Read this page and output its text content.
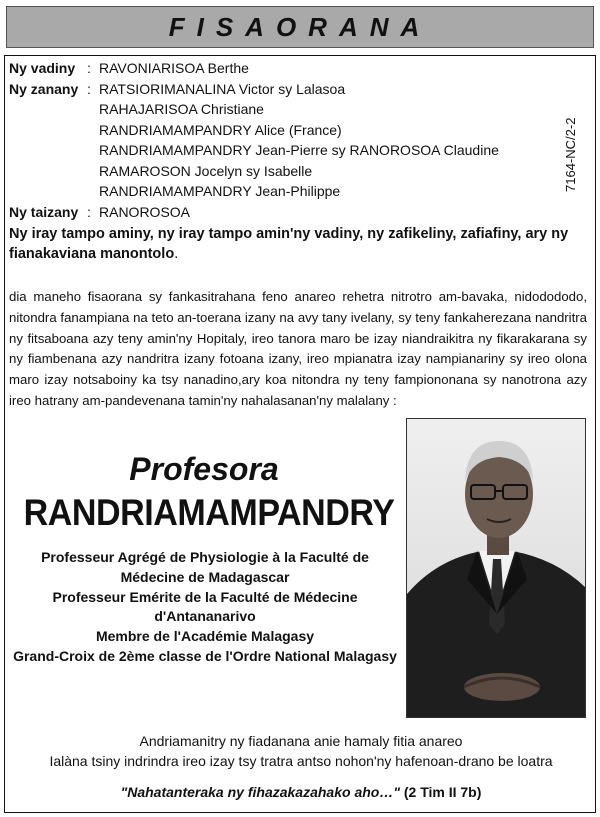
FISAORANA
Ny vadiny : RAVONIARISOA Berthe
Ny zanany : RATSIORIMANALINA Victor sy Lalasoa
RAHAJARISOA Christiane
RANDRIAMAMPANDRY Alice (France)
RANDRIAMAMPANDRY Jean-Pierre sy RANOROSOA Claudine
RAMAROSON Jocelyn sy Isabelle
RANDRIAMAMPANDRY Jean-Philippe
Ny taizany : RANOROSOA
7164-NC/2-2
Ny iray tampo aminy, ny iray tampo amin'ny vadiny, ny zafikeliny, zafiafiny, ary ny fianakaviana manontolo.
dia maneho fisaorana sy fankasitrahana feno anareo rehetra nitrotro am-bavaka, nidodododo, nitondra fanampiana na teto an-toerana izany na avy tany ivelany, sy teny fankaherezana nandritra ny fitsaboana azy teny amin'ny Hopitaly, ireo tanora maro be izay niandraikitra ny fikarakarana sy ny fiambenana azy nandritra izany fotoana izany, ireo mpianatra izay nampianariny sy ireo olona maro izay notsaboiny ka tsy nanadino,ary koa nitondra ny teny fampiononana sy nanotrona azy ireo hatrany am-pandevenana tamin'ny nahalasanan'ny malalany :
Profesora
RANDRIAMAMPANDRY
Professeur Agrégé de Physiologie à la Faculté de
Médecine de Madagascar
Professeur Emérite de la Faculté de Médecine
d'Antananarivo
Membre de l'Académie Malagasy
Grand-Croix de 2ème classe de l'Ordre National Malagasy
Andriamanitry ny fiadanana anie hamaly fitia anareo
Ialàna tsiny indrindra ireo izay tsy tratra antso nohon'ny hafenoan-drano be loatra
"Nahatanteraka ny fihazakazahako aho…" (2 Tim II 7b)
